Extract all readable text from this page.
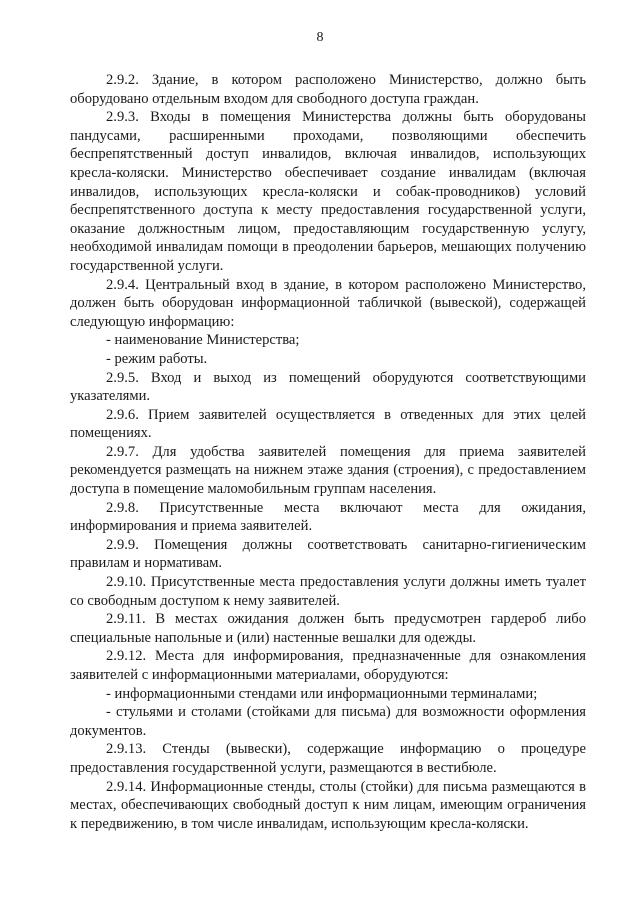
8

2.9.2. Здание, в котором расположено Министерство, должно быть оборудовано отдельным входом для свободного доступа граждан.

2.9.3. Входы в помещения Министерства должны быть оборудованы пандусами, расширенными проходами, позволяющими обеспечить беспрепятственный доступ инвалидов, включая инвалидов, использующих кресла-коляски. Министерство обеспечивает создание инвалидам (включая инвалидов, использующих кресла-коляски и собак-проводников) условий беспрепятственного доступа к месту предоставления государственной услуги, оказание должностным лицом, предоставляющим государственную услугу, необходимой инвалидам помощи в преодолении барьеров, мешающих получению государственной услуги.

2.9.4. Центральный вход в здание, в котором расположено Министерство, должен быть оборудован информационной табличкой (вывеской), содержащей следующую информацию:

- наименование Министерства;

- режим работы.

2.9.5. Вход и выход из помещений оборудуются соответствующими указателями.

2.9.6. Прием заявителей осуществляется в отведенных для этих целей помещениях.

2.9.7. Для удобства заявителей помещения для приема заявителей рекомендуется размещать на нижнем этаже здания (строения), с предоставлением доступа в помещение маломобильным группам населения.

2.9.8. Присутственные места включают места для ожидания, информирования и приема заявителей.

2.9.9. Помещения должны соответствовать санитарно-гигиеническим правилам и нормативам.

2.9.10. Присутственные места предоставления услуги должны иметь туалет со свободным доступом к нему заявителей.

2.9.11. В местах ожидания должен быть предусмотрен гардероб либо специальные напольные и (или) настенные вешалки для одежды.

2.9.12. Места для информирования, предназначенные для ознакомления заявителей с информационными материалами, оборудуются:

- информационными стендами или информационными терминалами;

- стульями и столами (стойками для письма) для возможности оформления документов.

2.9.13. Стенды (вывески), содержащие информацию о процедуре предоставления государственной услуги, размещаются в вестибюле.

2.9.14. Информационные стенды, столы (стойки) для письма размещаются в местах, обеспечивающих свободный доступ к ним лицам, имеющим ограничения к передвижению, в том числе инвалидам, использующим кресла-коляски.
